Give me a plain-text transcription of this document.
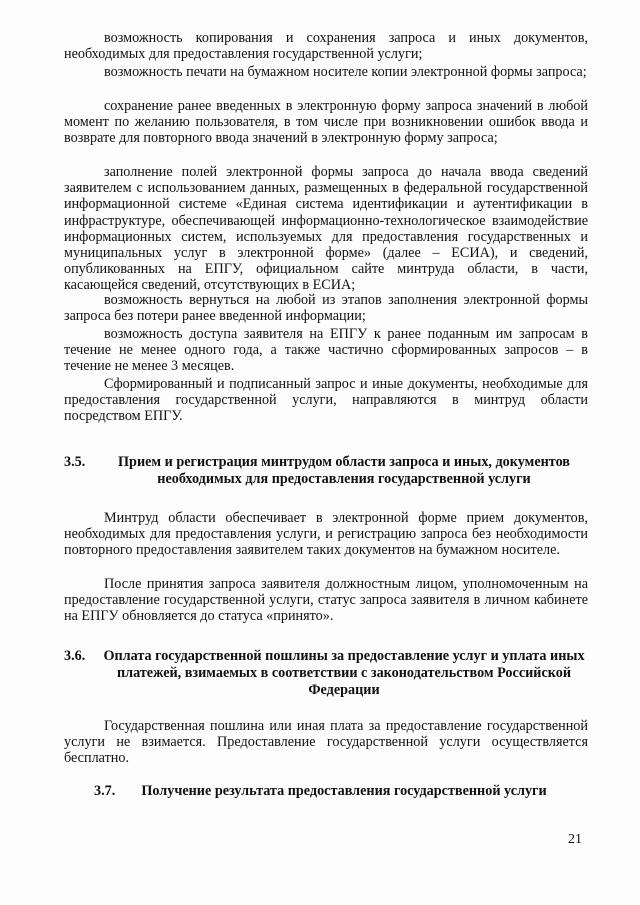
возможность копирования и сохранения запроса и иных документов, необходимых для предоставления государственной услуги;

возможность печати на бумажном носителе копии электронной формы запроса;

сохранение ранее введенных в электронную форму запроса значений в любой момент по желанию пользователя, в том числе при возникновении ошибок ввода и возврате для повторного ввода значений в электронную форму запроса;

заполнение полей электронной формы запроса до начала ввода сведений заявителем с использованием данных, размещенных в федеральной государственной информационной системе «Единая система идентификации и аутентификации в инфраструктуре, обеспечивающей информационно-технологическое взаимодействие информационных систем, используемых для предоставления государственных и муниципальных услуг в электронной форме» (далее – ЕСИА), и сведений, опубликованных на ЕПГУ, официальном сайте минтруда области, в части, касающейся сведений, отсутствующих в ЕСИА;

возможность вернуться на любой из этапов заполнения электронной формы запроса без потери ранее введенной информации;

возможность доступа заявителя на ЕПГУ к ранее поданным им запросам в течение не менее одного года, а также частично сформированных запросов – в течение не менее 3 месяцев.

Сформированный и подписанный запрос и иные документы, необходимые для предоставления государственной услуги, направляются в минтруд области посредством ЕПГУ.

3.5.	Прием и регистрация минтрудом области запроса и иных, документов необходимых для предоставления государственной услуги

Минтруд области обеспечивает в электронной форме прием документов, необходимых для предоставления услуги, и регистрацию запроса без необходимости повторного предоставления заявителем таких документов на бумажном носителе.

После принятия запроса заявителя должностным лицом, уполномоченным на предоставление государственной услуги, статус запроса заявителя в личном кабинете на ЕПГУ обновляется до статуса «принято».

3.6.	Оплата государственной пошлины за предоставление услуг и уплата иных платежей, взимаемых в соответствии с законодательством Российской Федерации

Государственная пошлина или иная плата за предоставление государственной услуги не взимается. Предоставление государственной услуги осуществляется бесплатно.

3.7.	Получение результата предоставления государственной услуги
21
